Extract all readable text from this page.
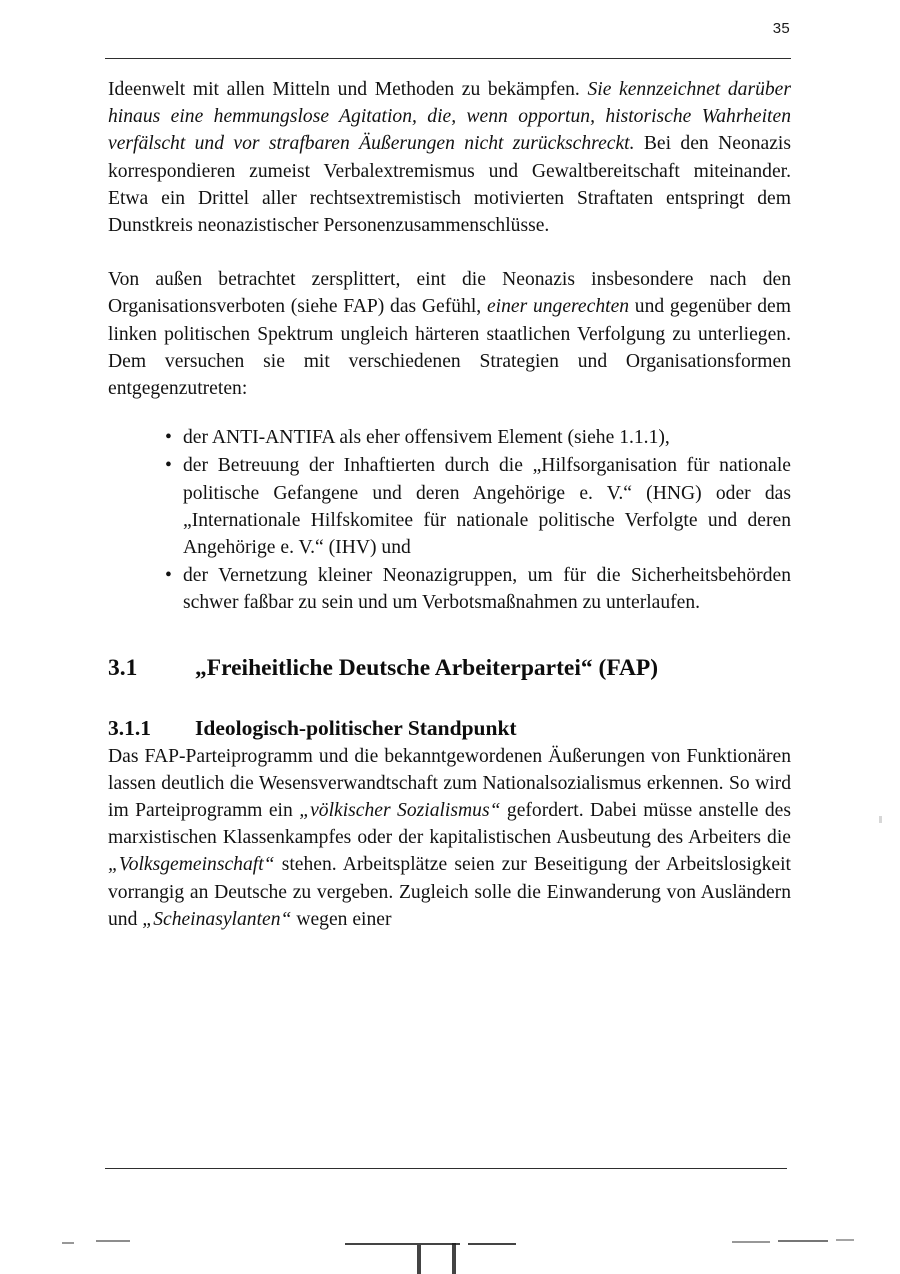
35

Ideenwelt mit allen Mitteln und Methoden zu bekämpfen. Sie kennzeichnet darüber hinaus eine hemmungslose Agitation, die, wenn opportun, historische Wahrheiten verfälscht und vor strafbaren Äußerungen nicht zurückschreckt. Bei den Neonazis korrespondieren zumeist Verbalextremismus und Gewaltbereitschaft miteinander. Etwa ein Drittel aller rechtsextremistisch motivierten Straftaten entspringt dem Dunstkreis neonazistischer Personenzusammenschlüsse.

Von außen betrachtet zersplittert, eint die Neonazis insbesondere nach den Organisationsverboten (siehe FAP) das Gefühl, einer ungerechten und gegenüber dem linken politischen Spektrum ungleich härteren staatlichen Verfolgung zu unterliegen. Dem versuchen sie mit verschiedenen Strategien und Organisationsformen entgegenzutreten:

• der ANTI-ANTIFA als eher offensivem Element (siehe 1.1.1),
• der Betreuung der Inhaftierten durch die „Hilfsorganisation für nationale politische Gefangene und deren Angehörige e. V.“ (HNG) oder das „Internationale Hilfskomitee für nationale politische Verfolgte und deren Angehörige e. V.“ (IHV) und
• der Vernetzung kleiner Neonazigruppen, um für die Sicherheitsbehörden schwer faßbar zu sein und um Verbotsmaßnahmen zu unterlaufen.
3.1	„Freiheitliche Deutsche Arbeiterpartei“ (FAP)
3.1.1	Ideologisch-politischer Standpunkt

Das FAP-Parteiprogramm und die bekanntgewordenen Äußerungen von Funktionären lassen deutlich die Wesensverwandtschaft zum Nationalsozialismus erkennen. So wird im Parteiprogramm ein „völkischer Sozialismus“ gefordert. Dabei müsse anstelle des marxistischen Klassenkampfes oder der kapitalistischen Ausbeutung des Arbeiters die „Volksgemeinschaft“ stehen. Arbeitsplätze seien zur Beseitigung der Arbeitslosigkeit vorrangig an Deutsche zu vergeben. Zugleich solle die Einwanderung von Ausländern und „Scheinasylanten“ wegen einer
